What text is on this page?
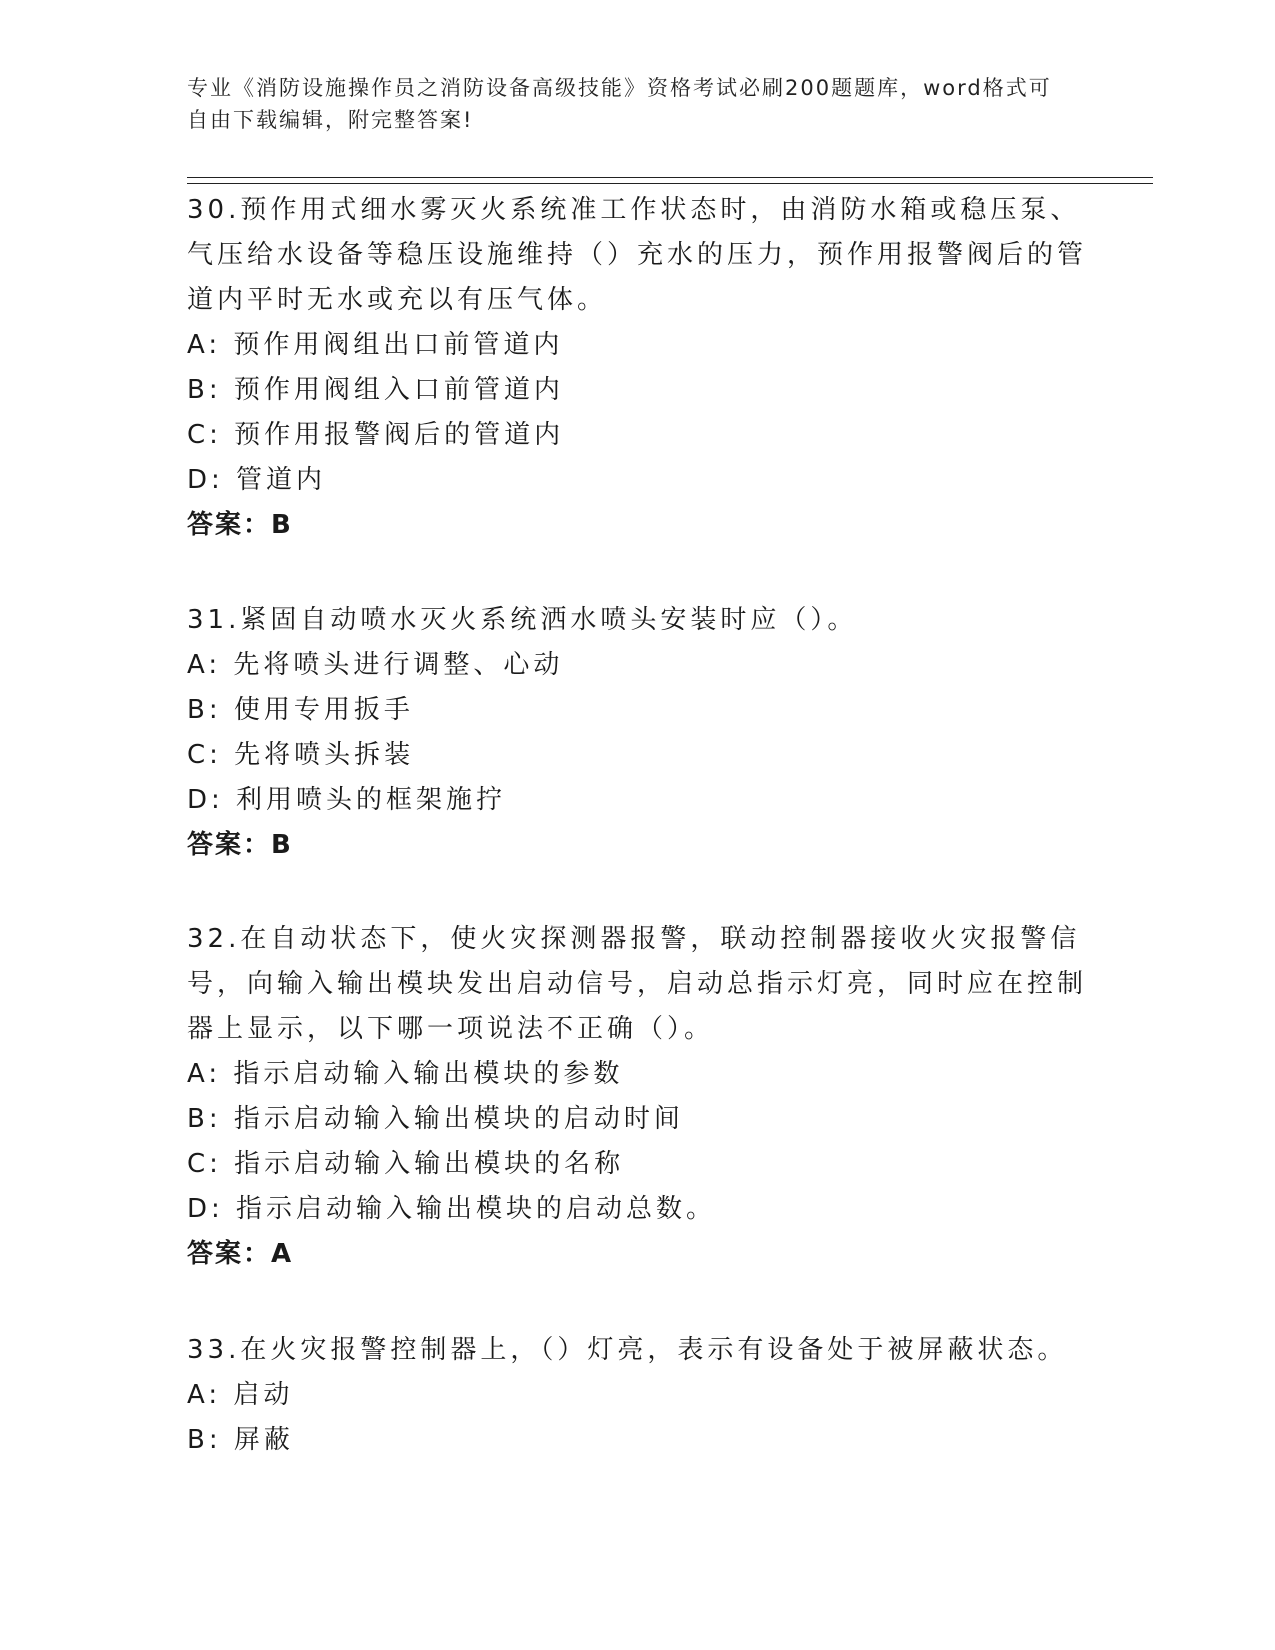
专业《消防设施操作员之消防设备高级技能》资格考试必刷200题题库，word格式可自由下载编辑，附完整答案!

30.预作用式细水雾灭火系统准工作状态时，由消防水箱或稳压泵、气压给水设备等稳压设施维持（）充水的压力，预作用报警阀后的管道内平时无水或充以有压气体。

A: 预作用阀组出口前管道内

B: 预作用阀组入口前管道内

C: 预作用报警阀后的管道内

D: 管道内

答案：B

31.紧固自动喷水灭火系统洒水喷头安装时应（）。

A: 先将喷头进行调整、心动

B: 使用专用扳手

C: 先将喷头拆装

D: 利用喷头的框架施拧

答案：B

32.在自动状态下，使火灾探测器报警，联动控制器接收火灾报警信号，向输入输出模块发出启动信号，启动总指示灯亮，同时应在控制器上显示，以下哪一项说法不正确（）。

A: 指示启动输入输出模块的参数

B: 指示启动输入输出模块的启动时间

C: 指示启动输入输出模块的名称

D: 指示启动输入输出模块的启动总数。

答案：A

33.在火灾报警控制器上，（）灯亮，表示有设备处于被屏蔽状态。

A: 启动

B: 屏蔽
